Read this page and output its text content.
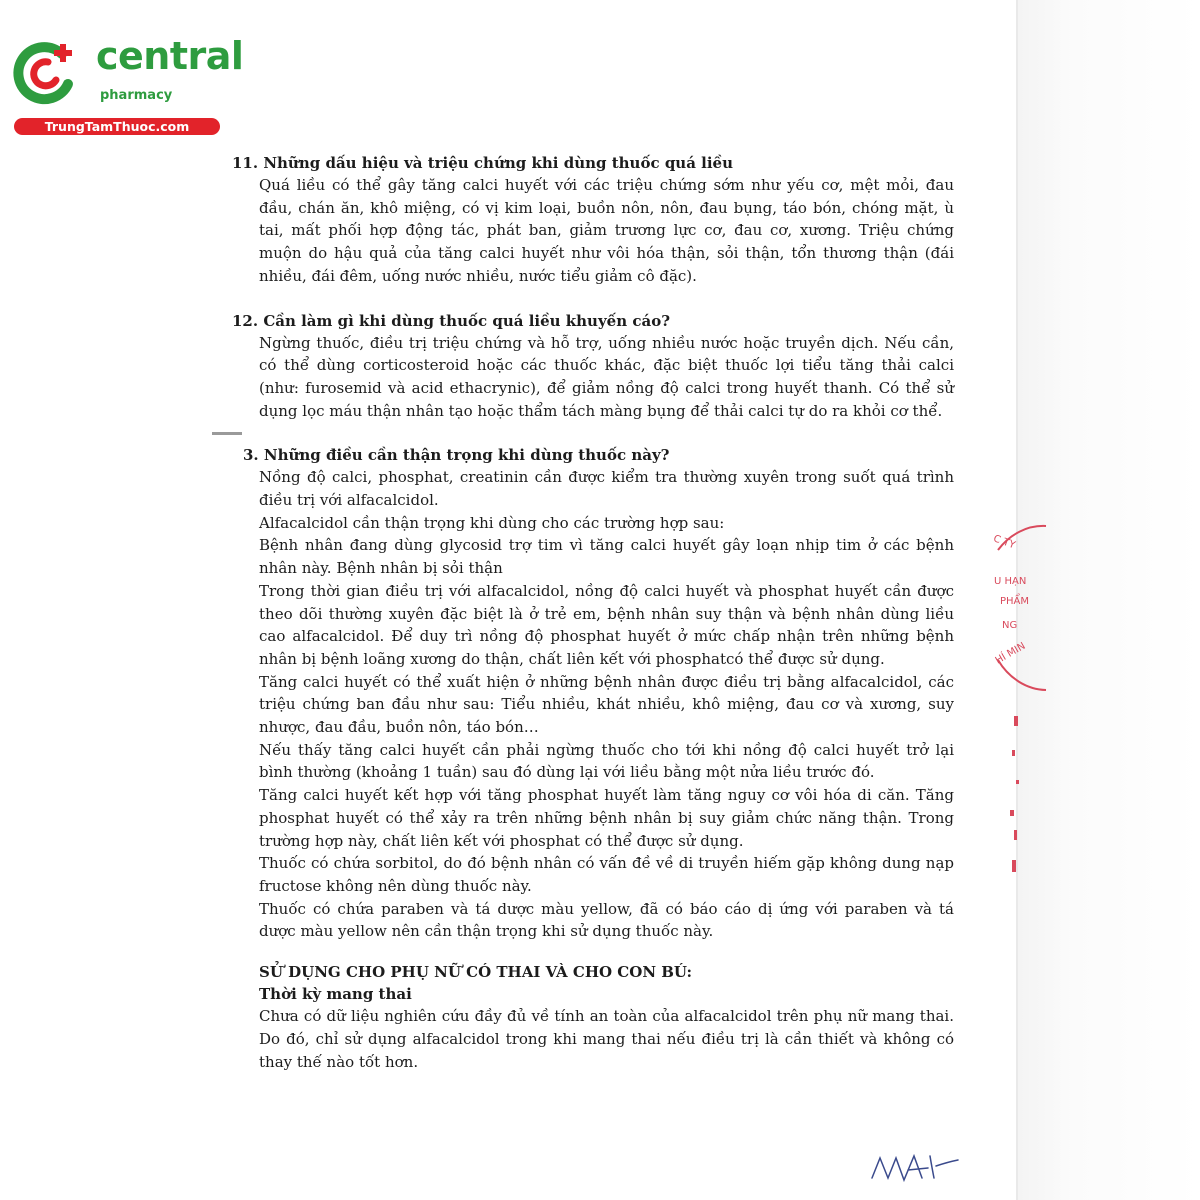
central
pharmacy
TrungTamThuoc.com
11. Những dấu hiệu và triệu chứng khi dùng thuốc quá liều
Quá liều có thể gây tăng calci huyết với các triệu chứng sớm như yếu cơ, mệt mỏi, đau đầu, chán ăn, khô miệng, có vị kim loại, buồn nôn, nôn, đau bụng, táo bón, chóng mặt, ù tai, mất phối hợp động tác, phát ban, giảm trương lực cơ, đau cơ, xương. Triệu chứng muộn do hậu quả của tăng calci huyết như vôi hóa thận, sỏi thận, tổn thương thận (đái nhiều, đái đêm, uống nước nhiều, nước tiểu giảm cô đặc).
12. Cần làm gì khi dùng thuốc quá liều khuyến cáo?
Ngừng thuốc, điều trị triệu chứng và hỗ trợ, uống nhiều nước hoặc truyền dịch. Nếu cần, có thể dùng corticosteroid hoặc các thuốc khác, đặc biệt thuốc lợi tiểu tăng thải calci (như: furosemid và acid ethacrynic), để giảm nồng độ calci trong huyết thanh. Có thể sử dụng lọc máu thận nhân tạo hoặc thẩm tách màng bụng để thải calci tự do ra khỏi cơ thể.
3. Những điều cần thận trọng khi dùng thuốc này?
Nồng độ calci, phosphat, creatinin cần được kiểm tra thường xuyên trong suốt quá trình điều trị với alfacalcidol.
Alfacalcidol cần thận trọng khi dùng cho các trường hợp sau:
Bệnh nhân đang dùng glycosid trợ tim vì tăng calci huyết gây loạn nhịp tim ở các bệnh nhân này. Bệnh nhân bị sỏi thận
Trong thời gian điều trị với alfacalcidol, nồng độ calci huyết và phosphat huyết cần được theo dõi thường xuyên đặc biệt là ở trẻ em, bệnh nhân suy thận và bệnh nhân dùng liều cao alfacalcidol. Để duy trì nồng độ phosphat huyết ở mức chấp nhận trên những bệnh nhân bị bệnh loãng xương do thận, chất liên kết với phosphatcó thể được sử dụng.
Tăng calci huyết có thể xuất hiện ở những bệnh nhân được điều trị bằng alfacalcidol, các triệu chứng ban đầu như sau: Tiểu nhiều, khát nhiều, khô miệng, đau cơ và xương, suy nhược, đau đầu, buồn nôn, táo bón…
Nếu thấy tăng calci huyết cần phải ngừng thuốc cho tới khi nồng độ calci huyết trở lại bình thường (khoảng 1 tuần) sau đó dùng lại với liều bằng một nửa liều trước đó.
Tăng calci huyết kết hợp với tăng phosphat huyết làm tăng nguy cơ vôi hóa di căn. Tăng phosphat huyết có thể xảy ra trên những bệnh nhân bị suy giảm chức năng thận. Trong trường hợp này, chất liên kết với phosphat có thể được sử dụng.
Thuốc có chứa sorbitol, do đó bệnh nhân có vấn đề về di truyền hiếm gặp không dung nạp fructose không nên dùng thuốc này.
Thuốc có chứa paraben và tá dược màu yellow, đã có báo cáo dị ứng với paraben và tá dược màu yellow nên cần thận trọng khi sử dụng thuốc này.
SỬ DỤNG CHO PHỤ NỮ CÓ THAI VÀ CHO CON BÚ:
Thời kỳ mang thai
Chưa có dữ liệu nghiên cứu đầy đủ về tính an toàn của alfacalcidol trên phụ nữ mang thai. Do đó, chỉ sử dụng alfacalcidol trong khi mang thai nếu điều trị là cần thiết và không có thay thế nào tốt hơn.
C TY
U HẠN
PHẨM
NG
HÍ MIN
